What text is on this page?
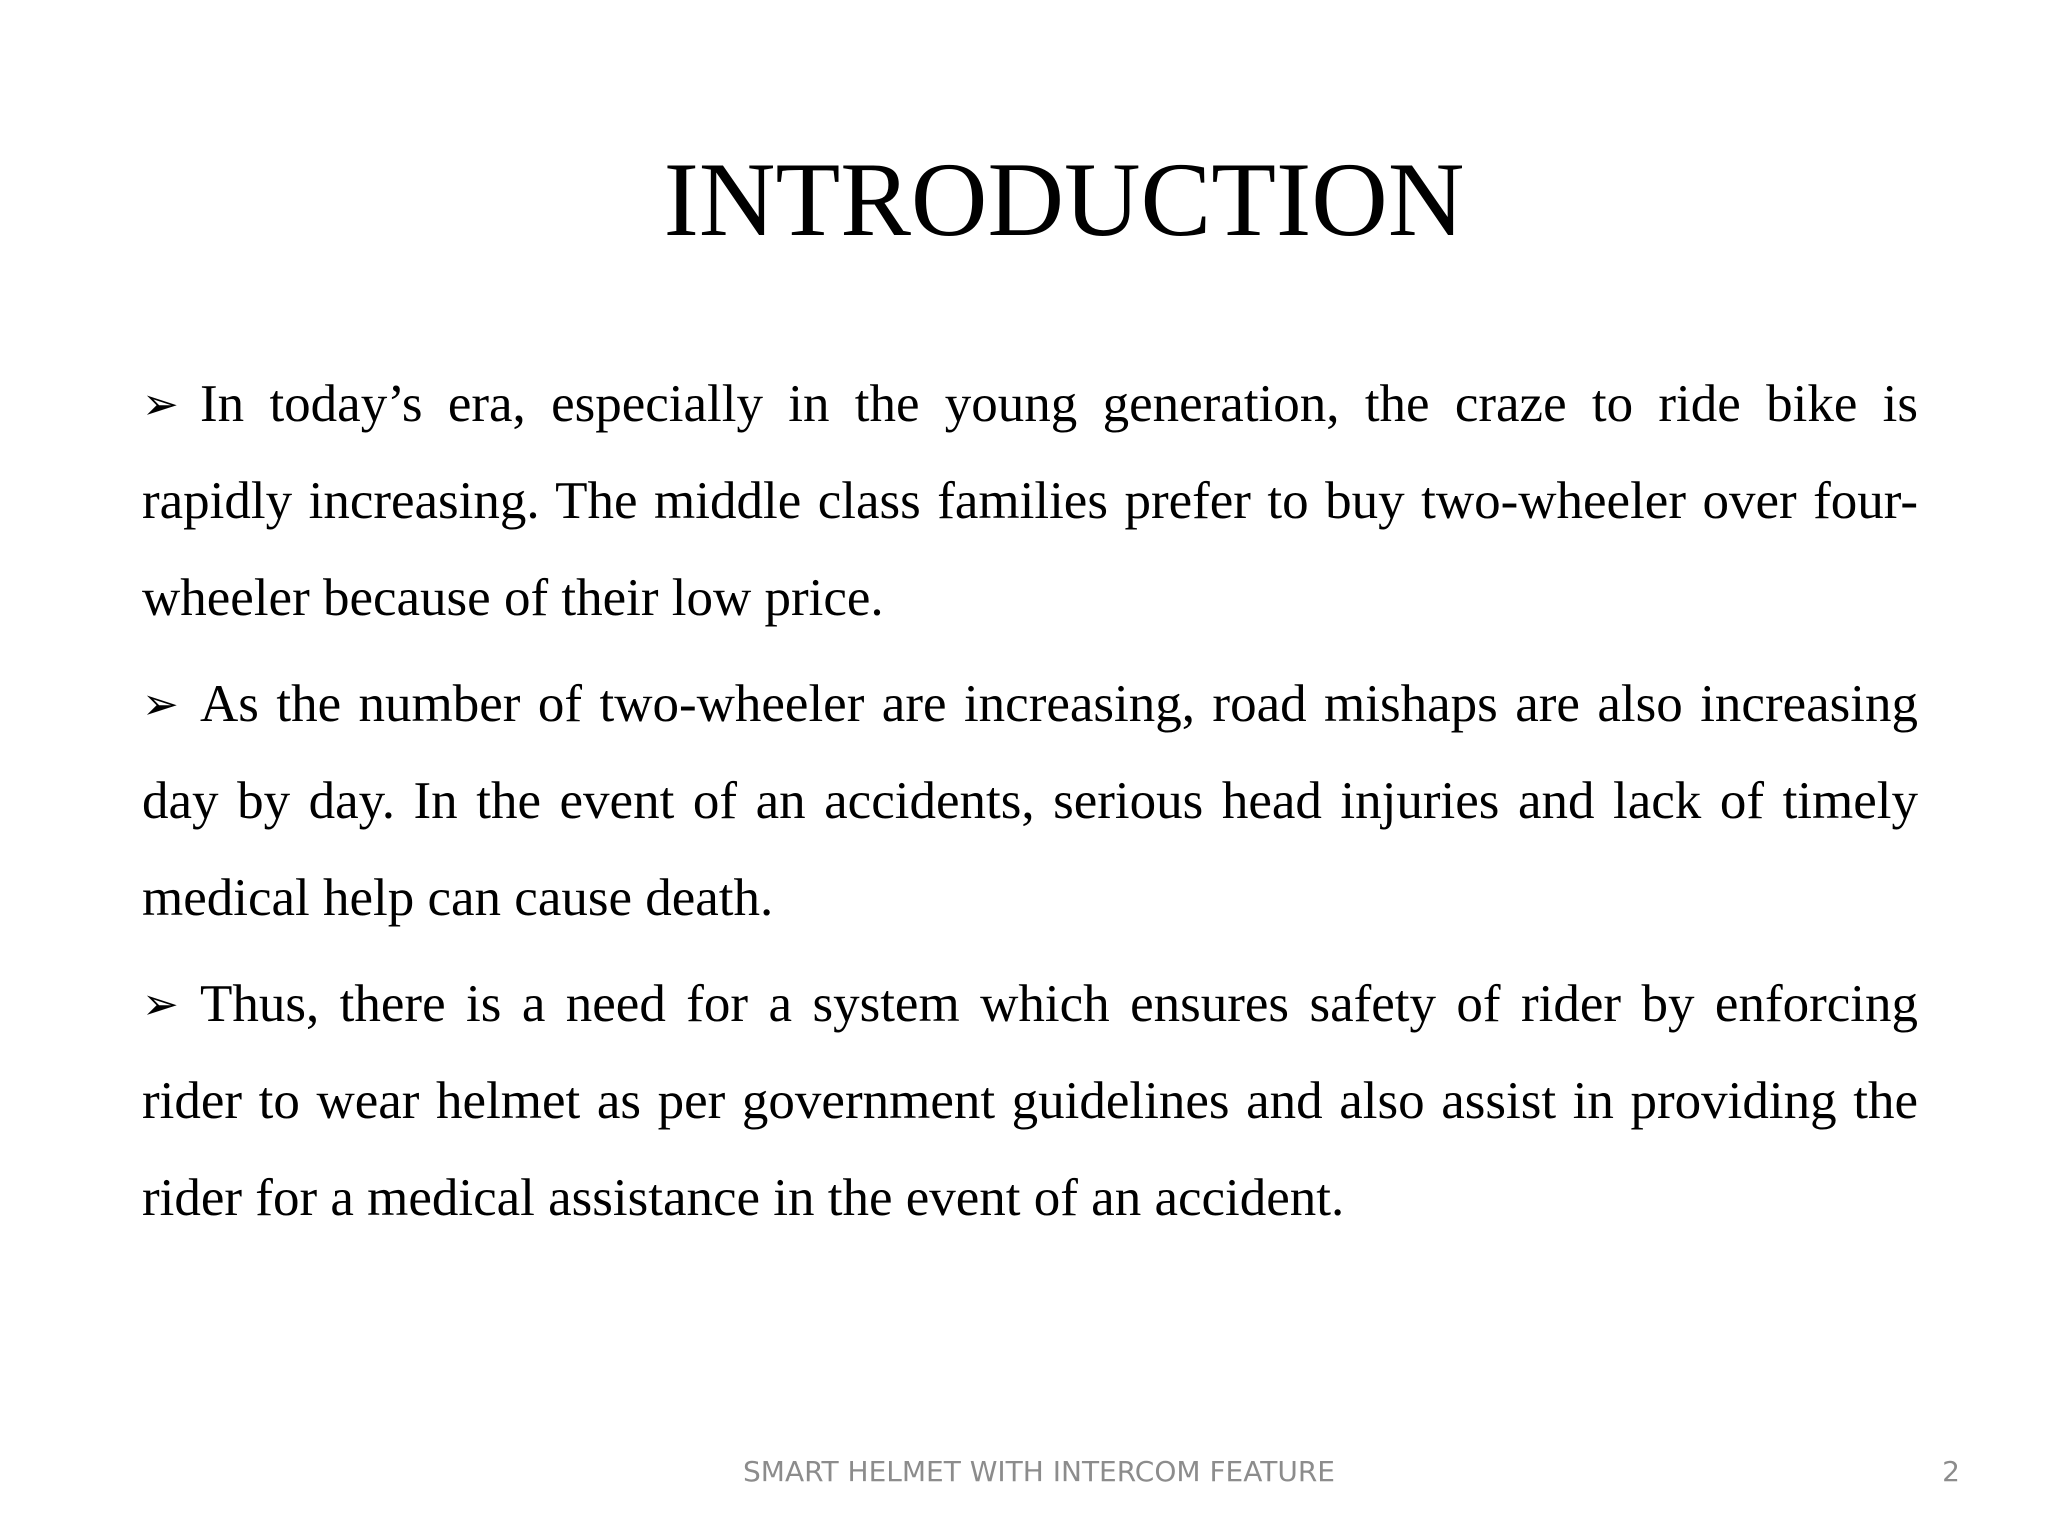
INTRODUCTION
➢ In today’s era, especially in the young generation, the craze to ride bike is rapidly increasing. The middle class families prefer to buy two-wheeler over four-wheeler because of their low price.
➢ As the number of two-wheeler are increasing, road mishaps are also increasing day by day. In the event of an accidents, serious head injuries and lack of timely medical help can cause death.
➢ Thus, there is a need for a system which ensures safety of rider by enforcing rider to wear helmet as per government guidelines and also assist in providing the rider for a medical assistance in the event of an accident.
SMART HELMET WITH INTERCOM FEATURE	2
